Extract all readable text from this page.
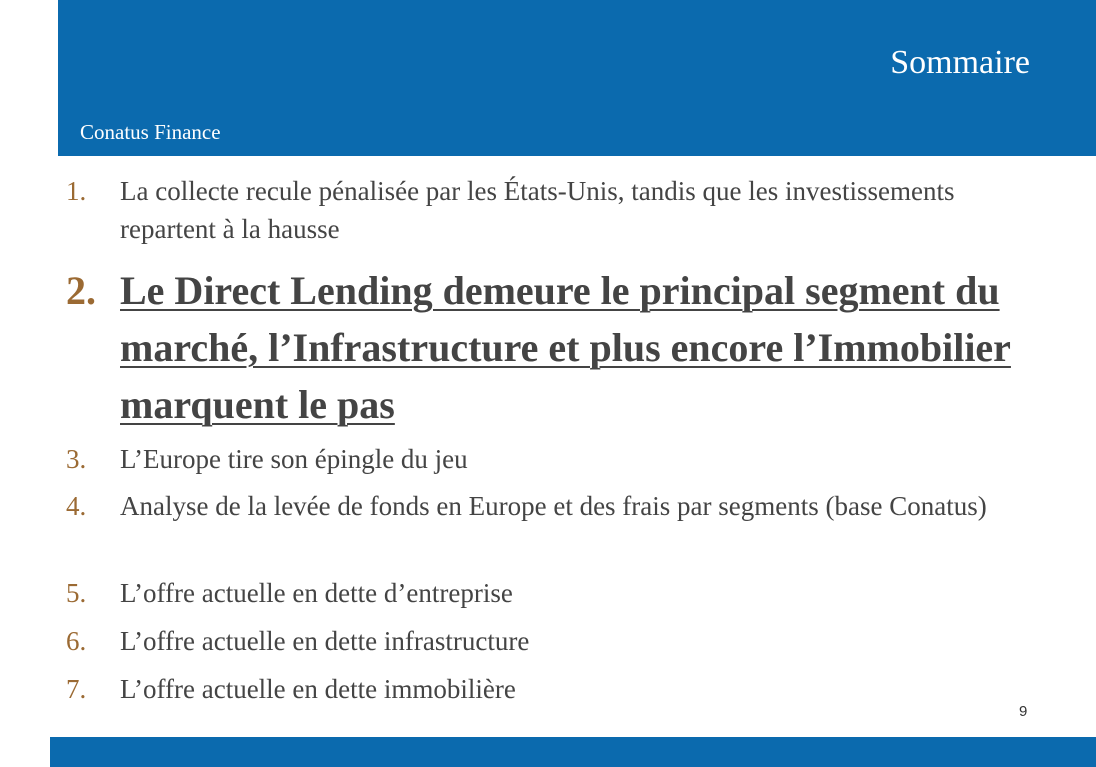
Sommaire
Conatus Finance
1. La collecte recule pénalisée par les États-Unis, tandis que les investissements repartent à la hausse
2. Le Direct Lending demeure le principal segment du marché, l’Infrastructure et plus encore l’Immobilier marquent le pas
3. L’Europe tire son épingle du jeu
4. Analyse de la levée de fonds en Europe et des frais par segments (base Conatus)
5. L’offre actuelle en dette d’entreprise
6. L’offre actuelle en dette infrastructure
7. L’offre actuelle en dette immobilière
9
